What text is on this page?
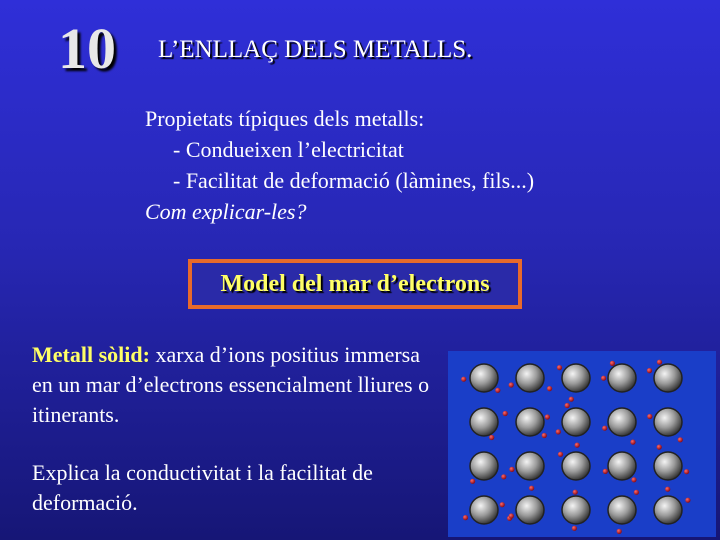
10 L’ENLLAÇ DELS METALLS.
Propietats típiques dels metalls:
- Condueixen l’electricitat
- Facilitat de deformació (làmines, fils...)
Com explicar-les?
Model del mar d’electrons
Metall sòlid: xarxa d’ions positius immersa en un mar d’electrons essencialment lliures o itinerants.
Explica la conductivitat i la facilitat de deformació.
